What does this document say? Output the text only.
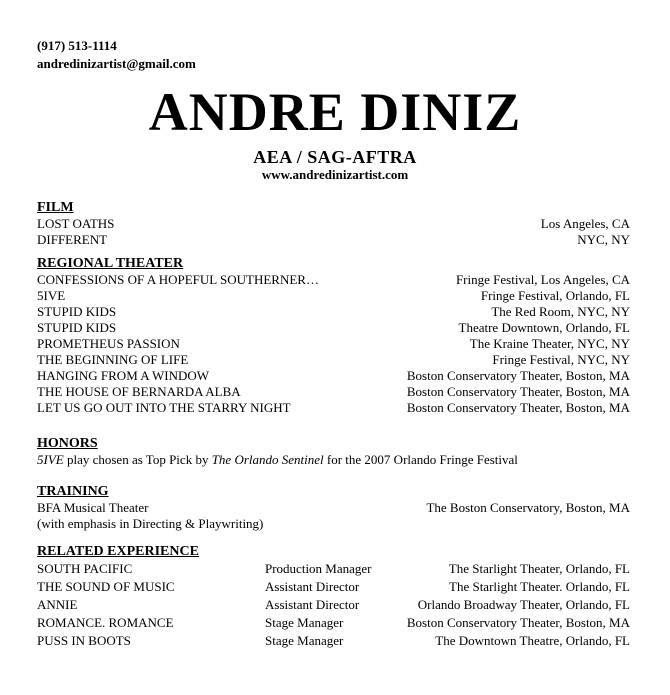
(917) 513-1114
andredinizartist@gmail.com
ANDRE DINIZ
AEA / SAG-AFTRA
www.andredinizartist.com
FILM
LOST OATHS	Los Angeles, CA
DIFFERENT	NYC, NY
REGIONAL THEATER
CONFESSIONS OF A HOPEFUL SOUTHERNER…	Fringe Festival, Los Angeles, CA
5IVE	Fringe Festival, Orlando, FL
STUPID KIDS	The Red Room, NYC, NY
STUPID KIDS	Theatre Downtown, Orlando, FL
PROMETHEUS PASSION	The Kraine Theater, NYC, NY
THE BEGINNING OF LIFE	Fringe Festival, NYC, NY
HANGING FROM A WINDOW	Boston Conservatory Theater, Boston, MA
THE HOUSE OF BERNARDA ALBA	Boston Conservatory Theater, Boston, MA
LET US GO OUT INTO THE STARRY NIGHT	Boston Conservatory Theater, Boston, MA
HONORS
5IVE play chosen as Top Pick by The Orlando Sentinel for the 2007 Orlando Fringe Festival
TRAINING
BFA Musical Theater	The Boston Conservatory, Boston, MA
(with emphasis in Directing & Playwriting)
RELATED EXPERIENCE
SOUTH PACIFIC	Production Manager	The Starlight Theater, Orlando, FL
THE SOUND OF MUSIC	Assistant Director	The Starlight Theater. Orlando, FL
ANNIE	Assistant Director	Orlando Broadway Theater, Orlando, FL
ROMANCE. ROMANCE	Stage Manager	Boston Conservatory Theater, Boston, MA
PUSS IN BOOTS	Stage Manager	The Downtown Theatre, Orlando, FL
